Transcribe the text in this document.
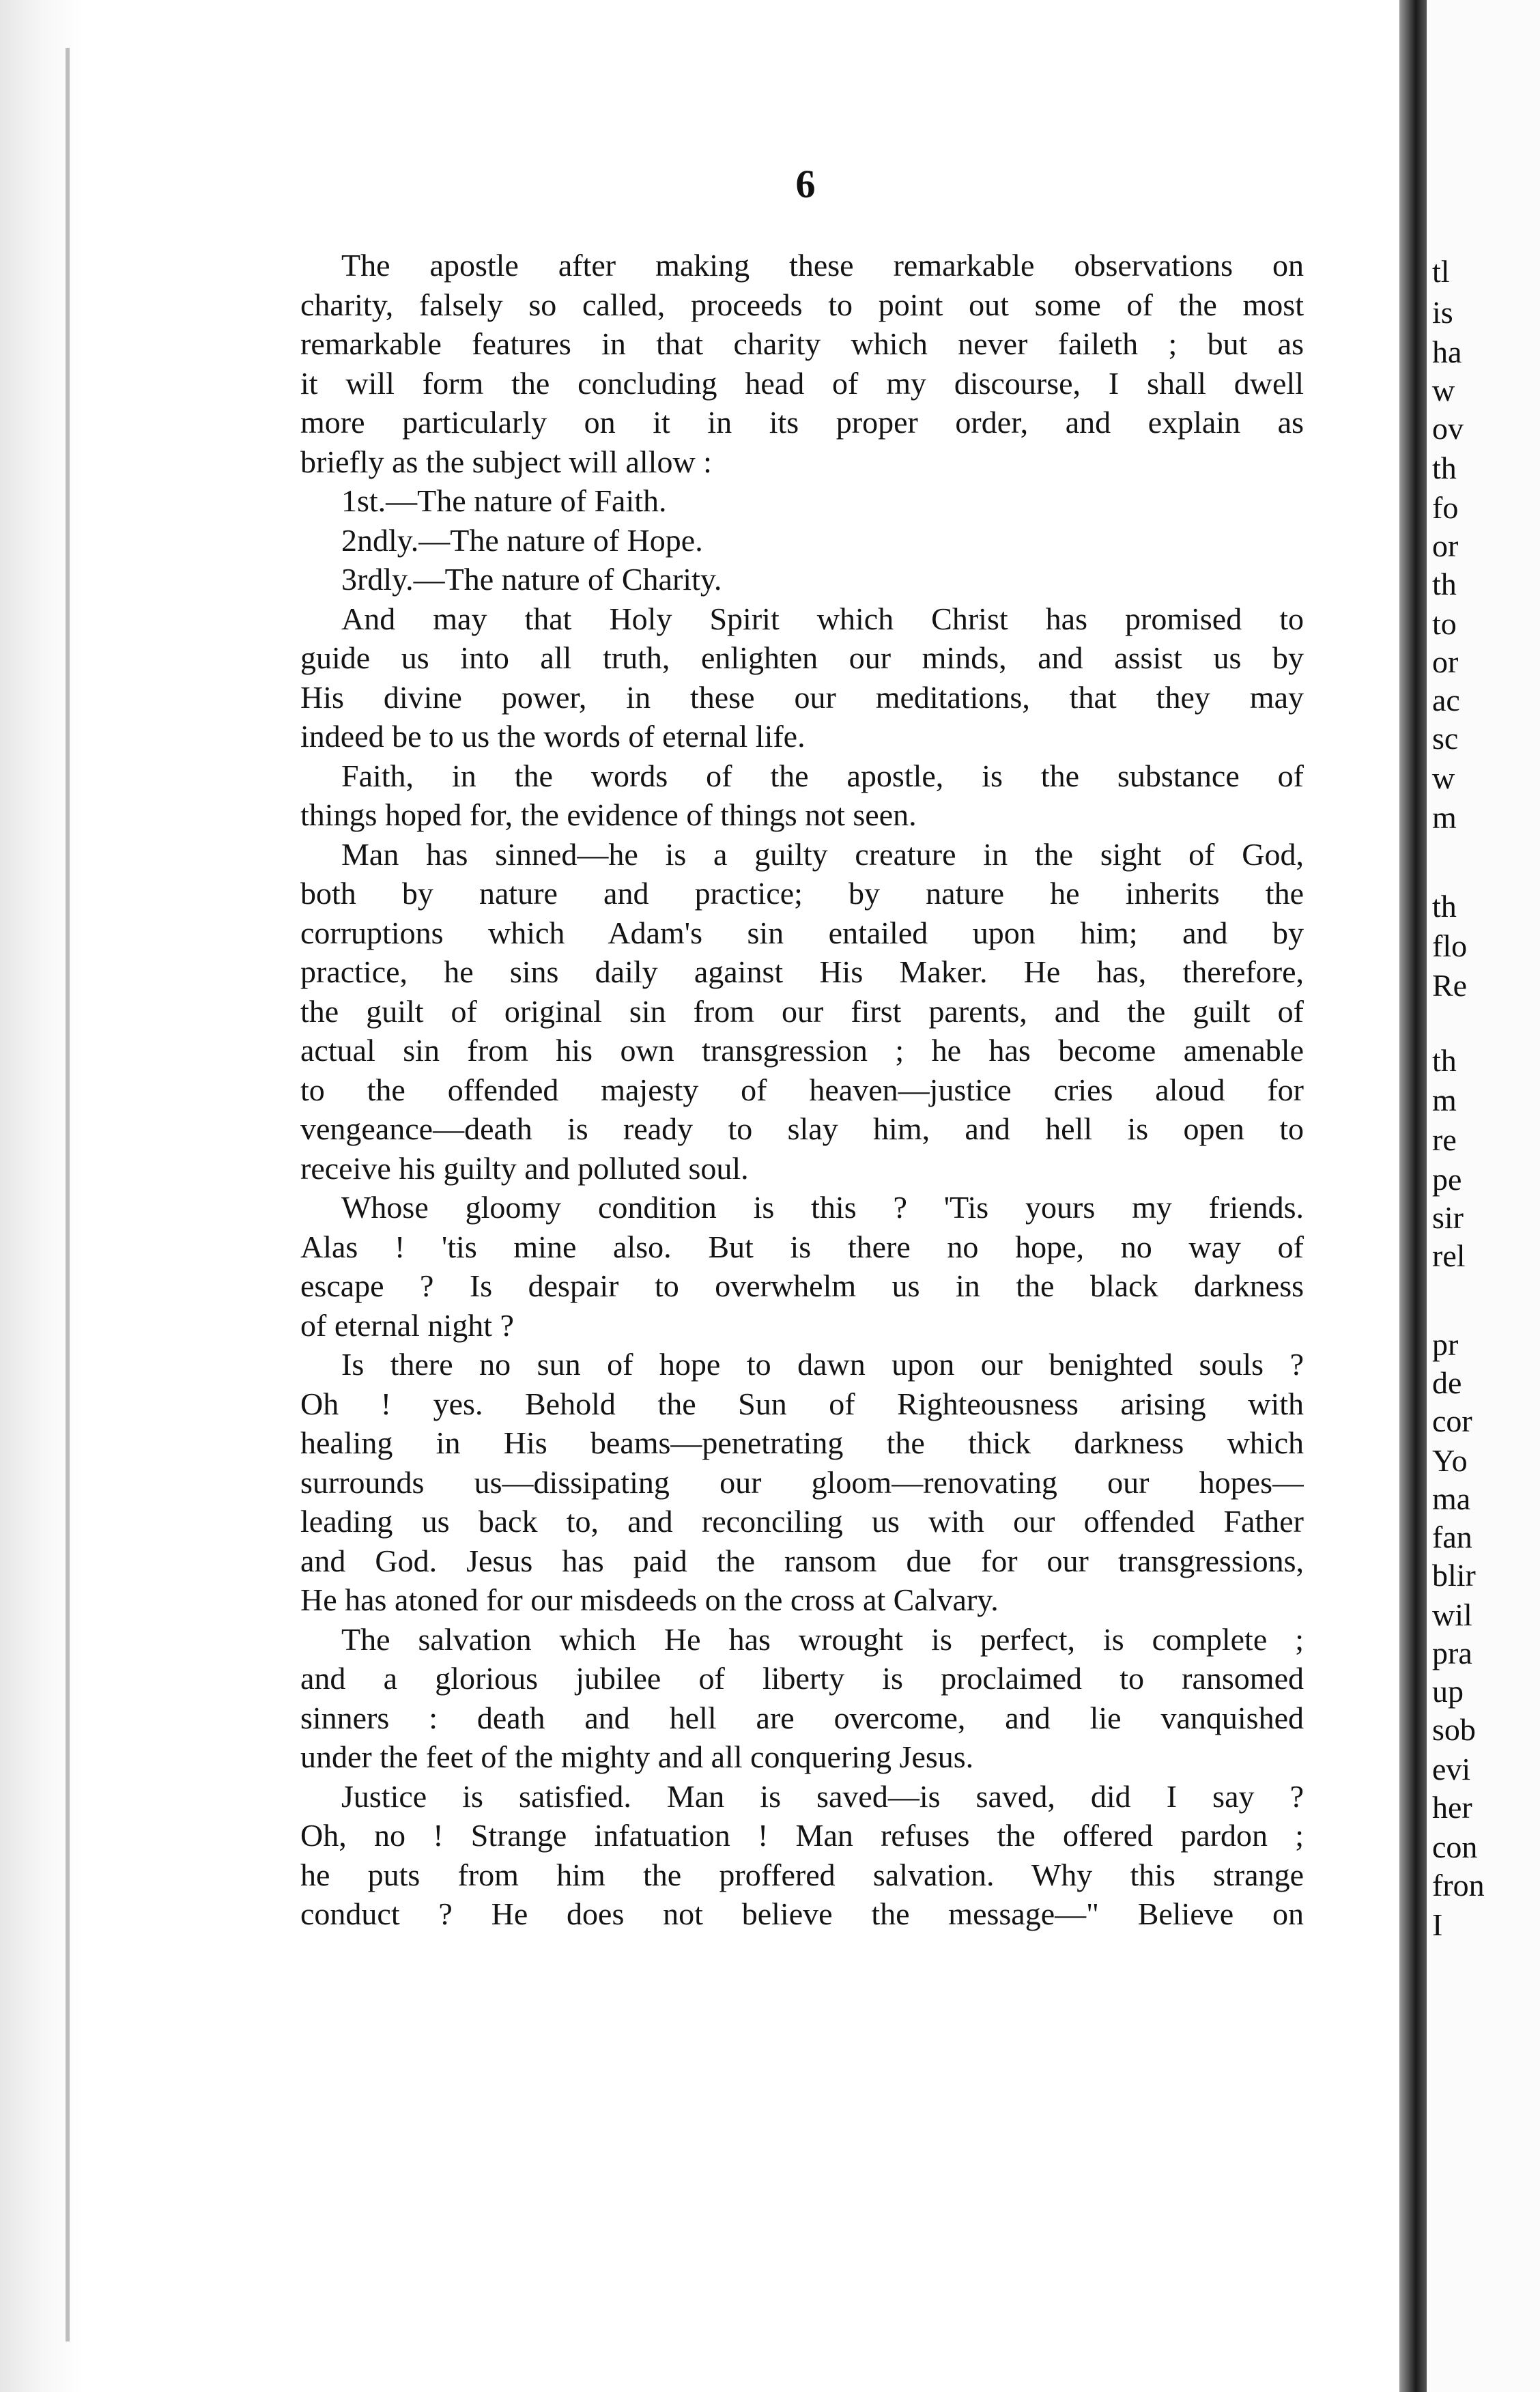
6
The apostle after making these remarkable observations on
charity, falsely so called, proceeds to point out some of the most
remarkable features in that charity which never faileth ; but as
it will form the concluding head of my discourse, I shall dwell
more particularly on it in its proper order, and explain as
briefly as the subject will allow :
1st.—The nature of Faith.
2ndly.—The nature of Hope.
3rdly.—The nature of Charity.
And may that Holy Spirit which Christ has promised to
guide us into all truth, enlighten our minds, and assist us by
His divine power, in these our meditations, that they may
indeed be to us the words of eternal life.
Faith, in the words of the apostle, is the substance of
things hoped for, the evidence of things not seen.
Man has sinned—he is a guilty creature in the sight of God,
both by nature and practice; by nature he inherits the
corruptions which Adam's sin entailed upon him; and by
practice, he sins daily against His Maker. He has, therefore,
the guilt of original sin from our first parents, and the guilt of
actual sin from his own transgression ; he has become amenable
to the offended majesty of heaven—justice cries aloud for
vengeance—death is ready to slay him, and hell is open to
receive his guilty and polluted soul.
Whose gloomy condition is this ? 'Tis yours my friends.
Alas ! 'tis mine also. But is there no hope, no way of
escape ? Is despair to overwhelm us in the black darkness
of eternal night ?
Is there no sun of hope to dawn upon our benighted souls ?
Oh ! yes. Behold the Sun of Righteousness arising with
healing in His beams—penetrating the thick darkness which
surrounds us—dissipating our gloom—renovating our hopes—
leading us back to, and reconciling us with our offended Father
and God. Jesus has paid the ransom due for our transgressions,
He has atoned for our misdeeds on the cross at Calvary.
The salvation which He has wrought is perfect, is complete ;
and a glorious jubilee of liberty is proclaimed to ransomed
sinners : death and hell are overcome, and lie vanquished
under the feet of the mighty and all conquering Jesus.
Justice is satisfied. Man is saved—is saved, did I say ?
Oh, no ! Strange infatuation ! Man refuses the offered pardon ;
he puts from him the proffered salvation. Why this strange
conduct ? He does not believe the message—" Believe on
tl
is
ha
w
ov
th
fo
or
th
to
or
ac
sc
w
m
th
flo
Re
th
m
re
pe
sir
rel
pr
de
cor
Yo
ma
fan
blir
wil
pra
up
sob
evi
her
con
fron
I
